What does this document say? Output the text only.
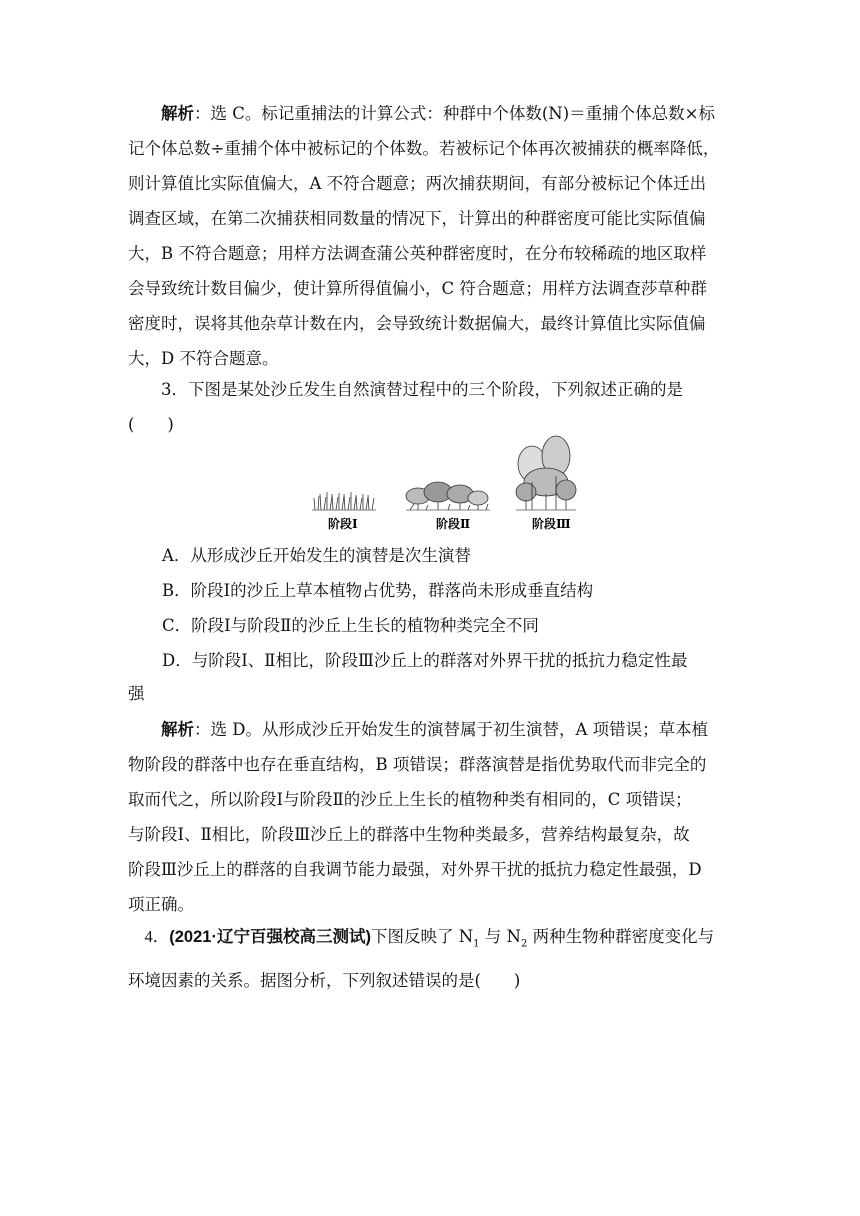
解析：选 C。标记重捕法的计算公式：种群中个体数(N)＝重捕个体总数×标
记个体总数÷重捕个体中被标记的个体数。若被标记个体再次被捕获的概率降低，
则计算值比实际值偏大，A 不符合题意；两次捕获期间，有部分被标记个体迁出
调查区域，在第二次捕获相同数量的情况下，计算出的种群密度可能比实际值偏
大，B 不符合题意；用样方法调查蒲公英种群密度时，在分布较稀疏的地区取样
会导致统计数目偏少，使计算所得值偏小，C 符合题意；用样方法调查莎草种群
密度时，误将其他杂草计数在内，会导致统计数据偏大，最终计算值比实际值偏
大，D 不符合题意。
3．下图是某处沙丘发生自然演替过程中的三个阶段，下列叙述正确的是
(　　)
阶段Ⅰ	阶段Ⅱ	阶段Ⅲ
A．从形成沙丘开始发生的演替是次生演替
B．阶段Ⅰ的沙丘上草本植物占优势，群落尚未形成垂直结构
C．阶段Ⅰ与阶段Ⅱ的沙丘上生长的植物种类完全不同
D．与阶段Ⅰ、Ⅱ相比，阶段Ⅲ沙丘上的群落对外界干扰的抵抗力稳定性最
强
解析：选 D。从形成沙丘开始发生的演替属于初生演替，A 项错误；草本植
物阶段的群落中也存在垂直结构，B 项错误；群落演替是指优势取代而非完全的
取而代之，所以阶段Ⅰ与阶段Ⅱ的沙丘上生长的植物种类有相同的，C 项错误；
与阶段Ⅰ、Ⅱ相比，阶段Ⅲ沙丘上的群落中生物种类最多，营养结构最复杂，故
阶段Ⅲ沙丘上的群落的自我调节能力最强，对外界干扰的抵抗力稳定性最强，D
项正确。
4．(2021·辽宁百强校高三测试)下图反映了 $N_1$ 与 $N_2$ 两种生物种群密度变化与
环境因素的关系。据图分析，下列叙述错误的是(　　)
